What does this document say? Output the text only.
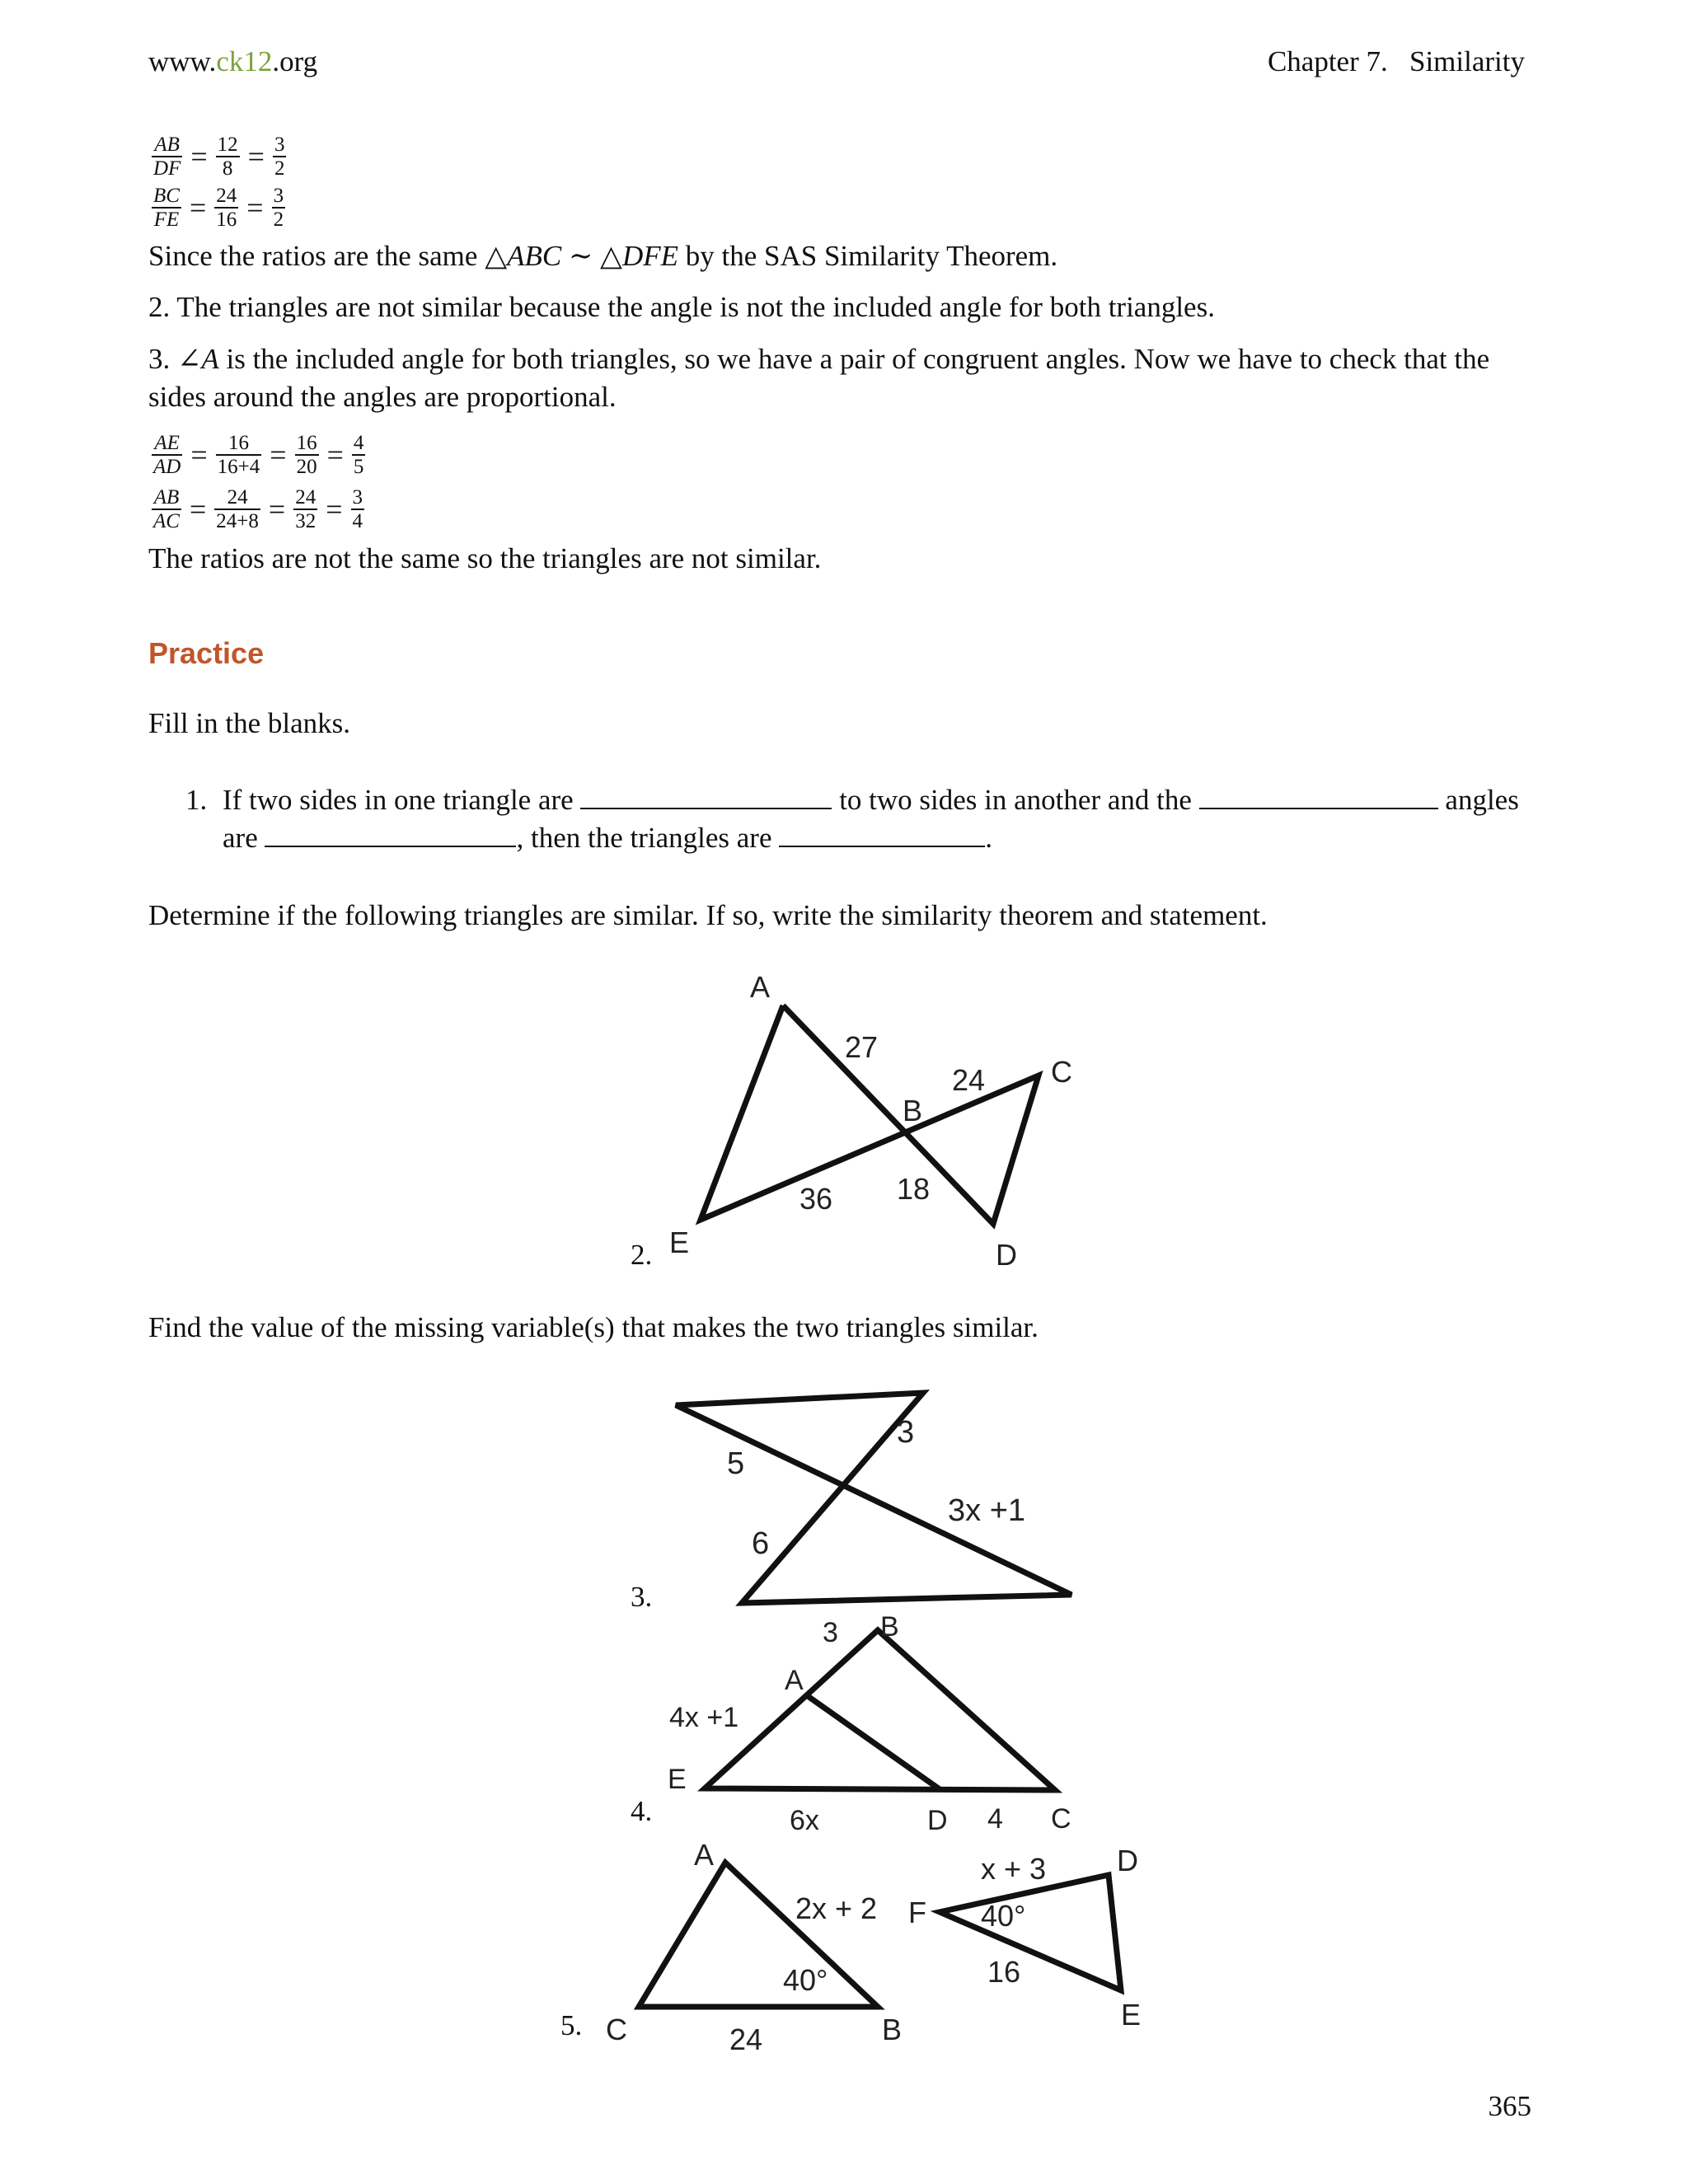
www.ck12.org	Chapter 7.   Similarity
$\frac{AB}{DF} = \frac{12}{8} = \frac{3}{2}$
$\frac{BC}{FE} = \frac{24}{16} = \frac{3}{2}$
Since the ratios are the same △ABC ∼ △DFE by the SAS Similarity Theorem.
2. The triangles are not similar because the angle is not the included angle for both triangles.
3. ∠A is the included angle for both triangles, so we have a pair of congruent angles. Now we have to check that the sides around the angles are proportional.
$\frac{AE}{AD} = \frac{16}{16+4} = \frac{16}{20} = \frac{4}{5}$
$\frac{AB}{AC} = \frac{24}{24+8} = \frac{24}{32} = \frac{3}{4}$
The ratios are not the same so the triangles are not similar.
Practice
Fill in the blanks.
1. If two sides in one triangle are	to two sides in another and the	angles
are	, then the triangles are	.
Determine if the following triangles are similar. If so, write the similarity theorem and statement.
2.
A
27
24 C
B
36 18
E	D
Find the value of the missing variable(s) that makes the two triangles similar.
3.
5
3
3x +1
6
4.
3 B
A
4x +1
E
6x	D 4 C
5.
A
2x + 2
40°
C	24	B
x + 3 D
F 40°
16
E
365
